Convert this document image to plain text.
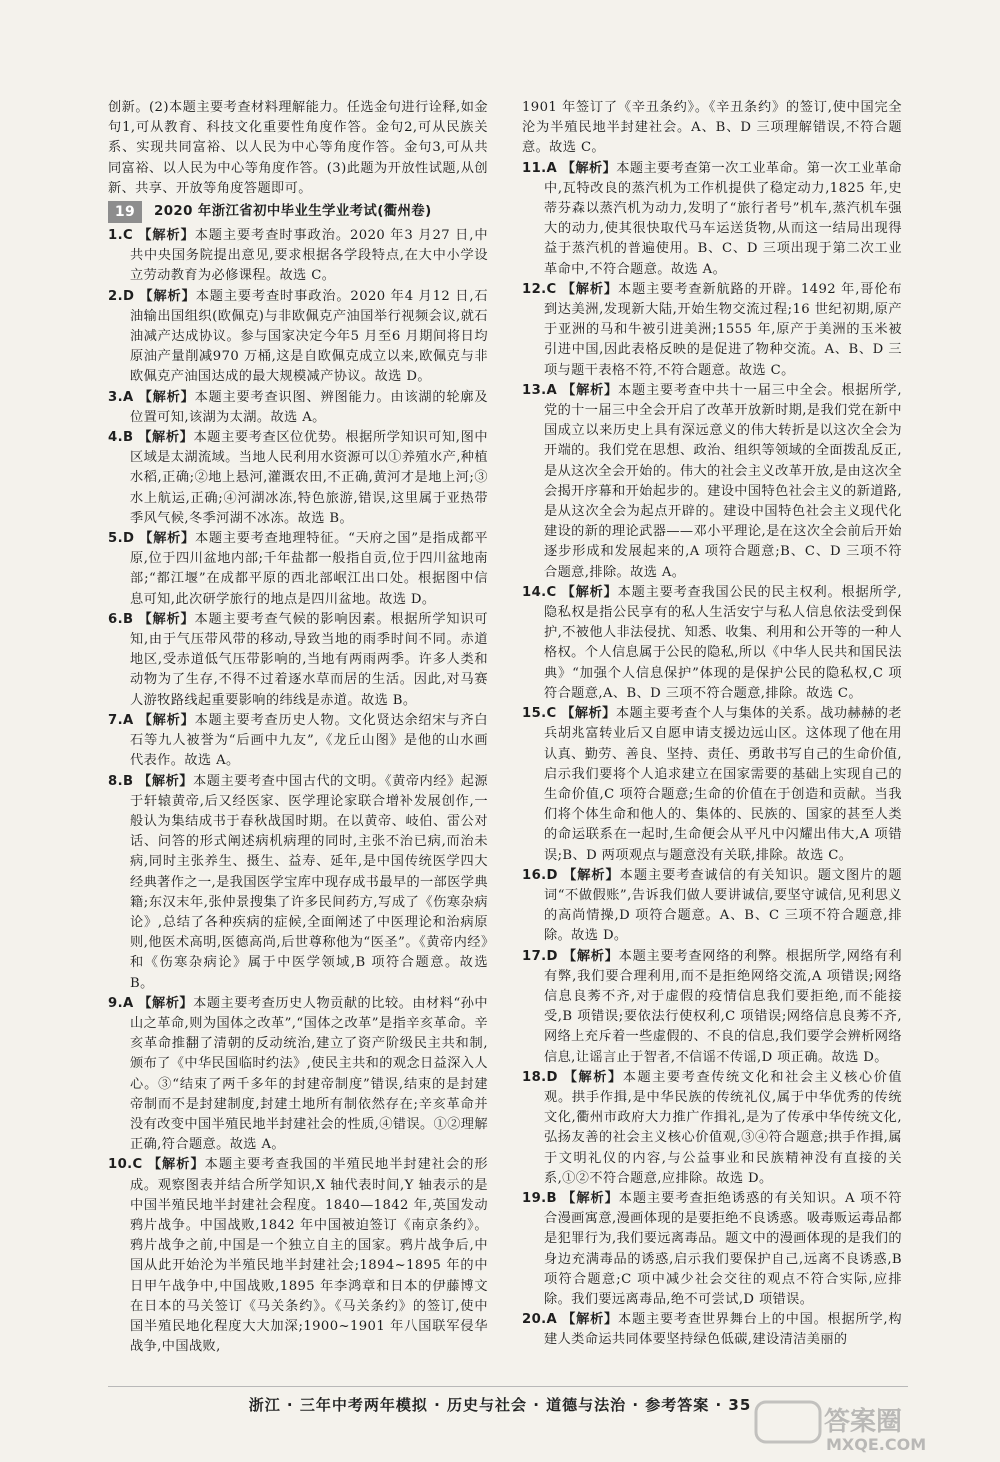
创新。(2)本题主要考查材料理解能力。任选金句进行诠释,如金句1,可从教育、科技文化重要性角度作答。金句2,可从民族关系、实现共同富裕、以人民为中心等角度作答。金句3,可从共同富裕、以人民为中心等角度作答。(3)此题为开放性试题,从创新、共享、开放等角度答题即可。

19	2020 年浙江省初中毕业生学业考试(衢州卷)

1.C 【解析】本题主要考查时事政治。2020 年3 月27 日,中共中央国务院提出意见,要求根据各学段特点,在大中小学设立劳动教育为必修课程。故选 C。

2.D 【解析】本题主要考查时事政治。2020 年4 月12 日,石油输出国组织(欧佩克)与非欧佩克产油国举行视频会议,就石油减产达成协议。参与国家决定今年5 月至6 月期间将日均原油产量削减970 万桶,这是自欧佩克成立以来,欧佩克与非欧佩克产油国达成的最大规模减产协议。故选 D。

3.A 【解析】本题主要考查识图、辨图能力。由该湖的轮廓及位置可知,该湖为太湖。故选 A。

4.B 【解析】本题主要考查区位优势。根据所学知识可知,图中区域是太湖流域。当地人民利用水资源可以①养殖水产,种植水稻,正确;②地上悬河,灌溉农田,不正确,黄河才是地上河;③水上航运,正确;④河湖冰冻,特色旅游,错误,这里属于亚热带季风气候,冬季河湖不冰冻。故选 B。

5.D 【解析】本题主要考查地理特征。“天府之国”是指成都平原,位于四川盆地内部;千年盐都一般指自贡,位于四川盆地南部;“都江堰”在成都平原的西北部岷江出口处。根据图中信息可知,此次研学旅行的地点是四川盆地。故选 D。

6.B 【解析】本题主要考查气候的影响因素。根据所学知识可知,由于气压带风带的移动,导致当地的雨季时间不同。赤道地区,受赤道低气压带影响的,当地有两雨两季。许多人类和动物为了生存,不得不过着逐水草而居的生活。因此,对马赛人游牧路线起重要影响的纬线是赤道。故选 B。

7.A 【解析】本题主要考查历史人物。文化贤达余绍宋与齐白石等九人被誉为“后画中九友”,《龙丘山图》是他的山水画代表作。故选 A。

8.B 【解析】本题主要考查中国古代的文明。《黄帝内经》起源于轩辕黄帝,后又经医家、医学理论家联合增补发展创作,一般认为集结成书于春秋战国时期。在以黄帝、岐伯、雷公对话、问答的形式阐述病机病理的同时,主张不治已病,而治未病,同时主张养生、摄生、益寿、延年,是中国传统医学四大经典著作之一,是我国医学宝库中现存成书最早的一部医学典籍;东汉末年,张仲景搜集了许多民间药方,写成了《伤寒杂病论》,总结了各种疾病的症候,全面阐述了中医理论和治病原则,他医术高明,医德高尚,后世尊称他为“医圣”。《黄帝内经》和《伤寒杂病论》属于中医学领域,B 项符合题意。故选 B。

9.A 【解析】本题主要考查历史人物贡献的比较。由材料“孙中山之革命,则为国体之改革”,“国体之改革”是指辛亥革命。辛亥革命推翻了清朝的反动统治,建立了资产阶级民主共和制,颁布了《中华民国临时约法》,使民主共和的观念日益深入人心。③“结束了两千多年的封建帝制度”错误,结束的是封建帝制而不是封建制度,封建土地所有制依然存在;辛亥革命并没有改变中国半殖民地半封建社会的性质,④错误。①②理解正确,符合题意。故选 A。

10.C 【解析】本题主要考查我国的半殖民地半封建社会的形成。观察图表并结合所学知识,X 轴代表时间,Y 轴表示的是中国半殖民地半封建社会程度。1840—1842 年,英国发动鸦片战争。中国战败,1842 年中国被迫签订《南京条约》。鸦片战争之前,中国是一个独立自主的国家。鸦片战争后,中国从此开始沦为半殖民地半封建社会;1894~1895 年的中日甲午战争中,中国战败,1895 年李鸿章和日本的伊藤博文在日本的马关签订《马关条约》。《马关条约》的签订,使中国半殖民地化程度大大加深;1900~1901 年八国联军侵华战争,中国战败,

1901 年签订了《辛丑条约》。《辛丑条约》的签订,使中国完全沦为半殖民地半封建社会。A、B、D 三项理解错误,不符合题意。故选 C。

11.A 【解析】本题主要考查第一次工业革命。第一次工业革命中,瓦特改良的蒸汽机为工作机提供了稳定动力,1825 年,史蒂芬森以蒸汽机为动力,发明了“旅行者号”机车,蒸汽机车强大的动力,使其很快取代马车运送货物,从而这一结局出现得益于蒸汽机的普遍使用。B、C、D 三项出现于第二次工业革命中,不符合题意。故选 A。

12.C 【解析】本题主要考查新航路的开辟。1492 年,哥伦布到达美洲,发现新大陆,开始生物交流过程;16 世纪初期,原产于亚洲的马和牛被引进美洲;1555 年,原产于美洲的玉米被引进中国,因此表格反映的是促进了物种交流。A、B、D 三项与题干表格不符,不符合题意。故选 C。

13.A 【解析】本题主要考查中共十一届三中全会。根据所学,党的十一届三中全会开启了改革开放新时期,是我们党在新中国成立以来历史上具有深远意义的伟大转折是以这次全会为开端的。我们党在思想、政治、组织等领域的全面拨乱反正,是从这次全会开始的。伟大的社会主义改革开放,是由这次全会揭开序幕和开始起步的。建设中国特色社会主义的新道路,是从这次全会为起点开辟的。建设中国特色社会主义现代化建设的新的理论武器——邓小平理论,是在这次全会前后开始逐步形成和发展起来的,A 项符合题意;B、C、D 三项不符合题意,排除。故选 A。

14.C 【解析】本题主要考查我国公民的民主权利。根据所学,隐私权是指公民享有的私人生活安宁与私人信息依法受到保护,不被他人非法侵扰、知悉、收集、利用和公开等的一种人格权。个人信息属于公民的隐私,所以《中华人民共和国民法典》“加强个人信息保护”体现的是保护公民的隐私权,C 项符合题意,A、B、D 三项不符合题意,排除。故选 C。

15.C 【解析】本题主要考查个人与集体的关系。战功赫赫的老兵胡兆富转业后又自愿申请支援边远山区。这体现了他在用认真、勤劳、善良、坚持、责任、勇敢书写自己的生命价值,启示我们要将个人追求建立在国家需要的基础上实现自己的生命价值,C 项符合题意;生命的价值在于创造和贡献。当我们将个体生命和他人的、集体的、民族的、国家的甚至人类的命运联系在一起时,生命便会从平凡中闪耀出伟大,A 项错误;B、D 两项观点与题意没有关联,排除。故选 C。

16.D 【解析】本题主要考查诚信的有关知识。题文图片的题词“不做假账”,告诉我们做人要讲诚信,要坚守诚信,见利思义的高尚情操,D 项符合题意。A、B、C 三项不符合题意,排除。故选 D。

17.D 【解析】本题主要考查网络的利弊。根据所学,网络有利有弊,我们要合理利用,而不是拒绝网络交流,A 项错误;网络信息良莠不齐,对于虚假的疫情信息我们要拒绝,而不能接受,B 项错误;要依法行使权利,C 项错误;网络信息良莠不齐,网络上充斥着一些虚假的、不良的信息,我们要学会辨析网络信息,让谣言止于智者,不信谣不传谣,D 项正确。故选 D。

18.D 【解析】本题主要考查传统文化和社会主义核心价值观。拱手作揖,是中华民族的传统礼仪,属于中华优秀的传统文化,衢州市政府大力推广作揖礼,是为了传承中华传统文化,弘扬友善的社会主义核心价值观,③④符合题意;拱手作揖,属于文明礼仪的内容,与公益事业和民族精神没有直接的关系,①②不符合题意,应排除。故选 D。

19.B 【解析】本题主要考查拒绝诱惑的有关知识。A 项不符合漫画寓意,漫画体现的是要拒绝不良诱惑。吸毒贩运毒品都是犯罪行为,我们要远离毒品。题文中的漫画体现的是我们的身边充满毒品的诱惑,启示我们要保护自己,远离不良诱惑,B 项符合题意;C 项中减少社会交往的观点不符合实际,应排除。我们要远离毒品,绝不可尝试,D 项错误。

20.A 【解析】本题主要考查世界舞台上的中国。根据所学,构建人类命运共同体要坚持绿色低碳,建设清洁美丽的

浙江 · 三年中考两年模拟 · 历史与社会 · 道德与法治 · 参考答案 · 35
答案圈
MXQE.COM
